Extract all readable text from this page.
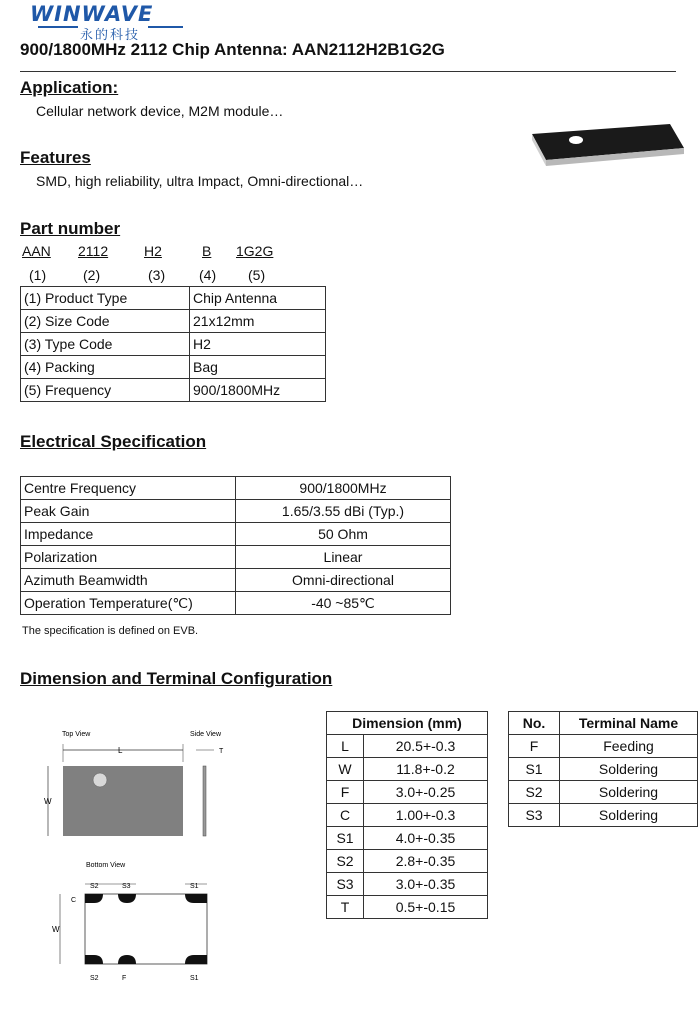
WINWAVE
永的科技
900/1800MHz 2112 Chip Antenna: AAN2112H2B1G2G
Application:
Cellular network device, M2M module…
Features
SMD, high reliability, ultra Impact, Omni-directional…
Part number
AAN 2112	H2	B 1G2G
(1)	(2)	(3) (4) (5)
(1) Product Type	Chip Antenna
(2) Size Code	21x12mm
(3) Type Code	H2
(4) Packing	Bag
(5) Frequency	900/1800MHz
Electrical Specification
Centre Frequency	900/1800MHz
Peak Gain	1.65/3.55 dBi (Typ.)
Impedance	50 Ohm
Polarization	Linear
Azimuth Beamwidth	Omni-directional
Operation Temperature(℃)	-40 ~85℃
The specification is defined on EVB.
Dimension and Terminal Configuration
Top View	Side View
L
W
T
Bottom View
S2	S3	S1
S2	F	S1
C
W
Dimension (mm)	
L	20.5+-0.3
W	11.8+-0.2
F	3.0+-0.25
C	1.00+-0.3
S1	4.0+-0.35
S2	2.8+-0.35
S3	3.0+-0.35
T	0.5+-0.15
No.	Terminal Name
F	Feeding
S1	Soldering
S2	Soldering
S3	Soldering
